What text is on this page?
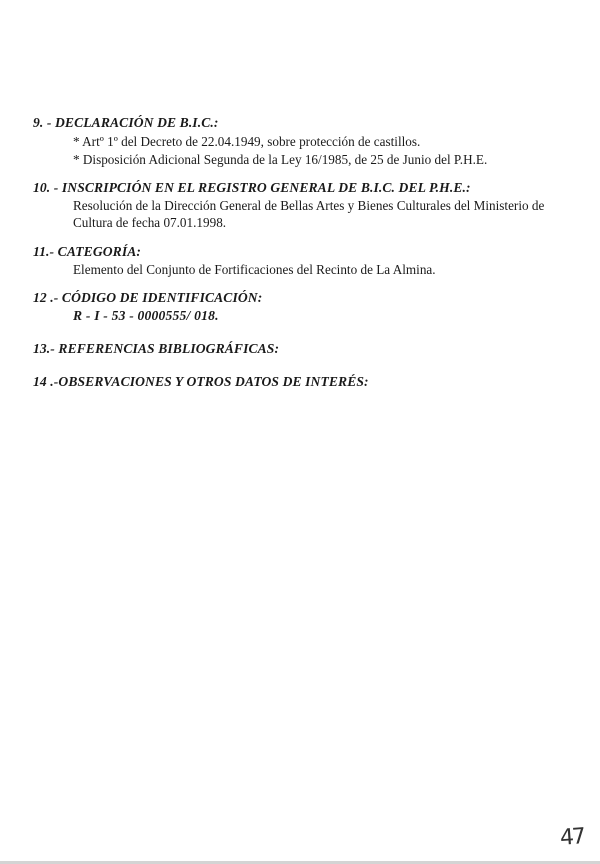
9. - DECLARACIÓN DE B.I.C.:
* Artº 1º del Decreto de 22.04.1949, sobre protección de castillos.
* Disposición Adicional Segunda de la Ley 16/1985, de 25 de Junio del P.H.E.
10. - INSCRIPCIÓN EN EL REGISTRO GENERAL DE B.I.C. DEL P.H.E.:
Resolución de la Dirección General de Bellas Artes y Bienes Culturales del Ministerio de
Cultura de fecha 07.01.1998.
11.- CATEGORÍA:
Elemento del Conjunto de Fortificaciones del Recinto de La Almina.
12 .- CÓDIGO DE IDENTIFICACIÓN:
R - I - 53 - 0000555/ 018.
13.- REFERENCIAS BIBLIOGRÁFICAS:
14 .-OBSERVACIONES Y OTROS DATOS DE INTERÉS:
47
